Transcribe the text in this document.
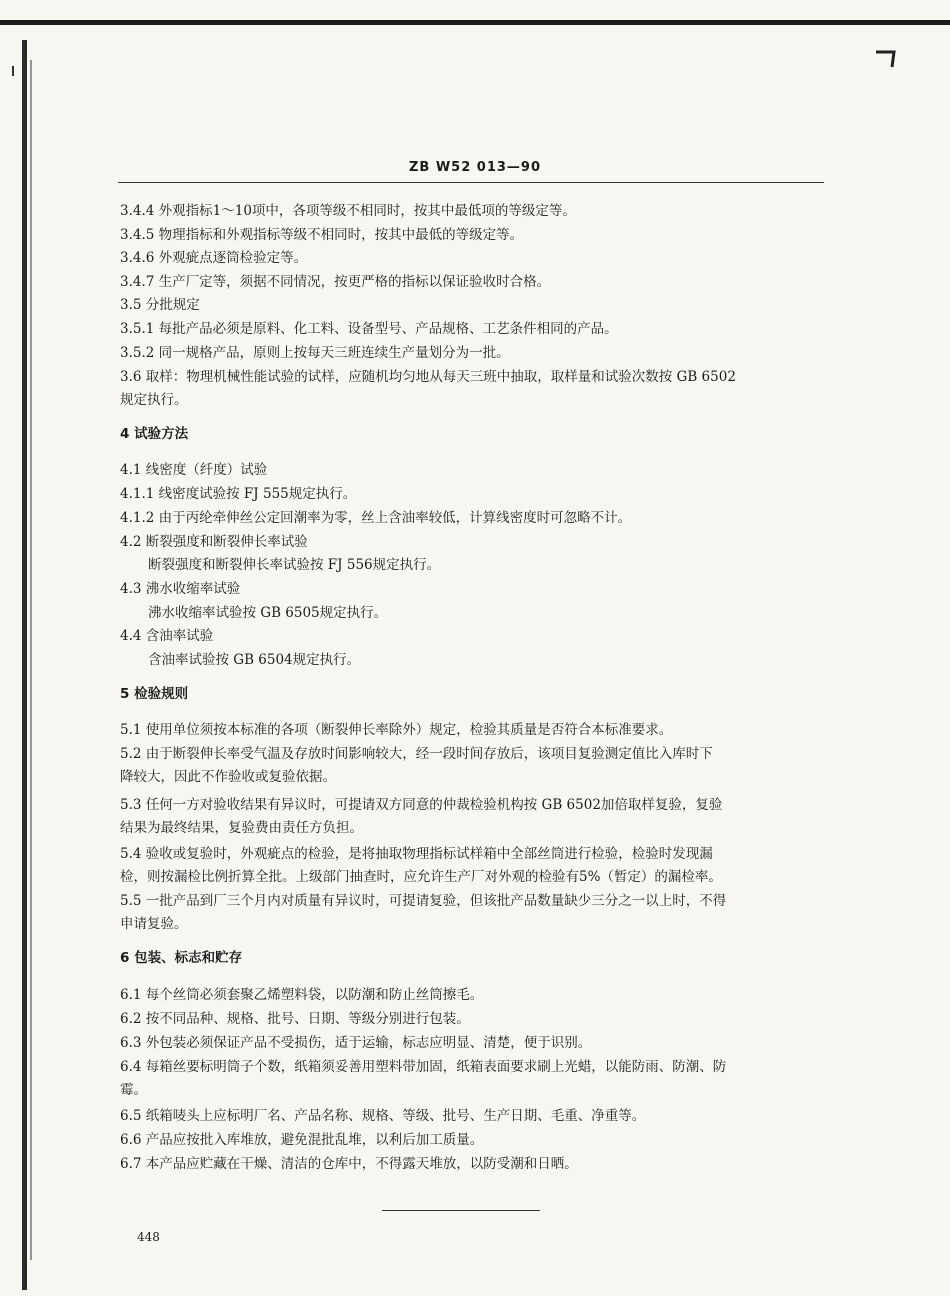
ZB W52 013—90
3.4.4 外观指标1～10项中，各项等级不相同时，按其中最低项的等级定等。
3.4.5 物理指标和外观指标等级不相同时，按其中最低的等级定等。
3.4.6 外观疵点逐筒检验定等。
3.4.7 生产厂定等，须据不同情况，按更严格的指标以保证验收时合格。
3.5 分批规定
3.5.1 每批产品必须是原料、化工料、设备型号、产品规格、工艺条件相同的产品。
3.5.2 同一规格产品，原则上按每天三班连续生产量划分为一批。
3.6 取样：物理机械性能试验的试样，应随机均匀地从每天三班中抽取，取样量和试验次数按 GB 6502
规定执行。
4 试验方法
4.1 线密度（纤度）试验
4.1.1 线密度试验按 FJ 555规定执行。
4.1.2 由于丙纶牵伸丝公定回潮率为零，丝上含油率较低，计算线密度时可忽略不计。
4.2 断裂强度和断裂伸长率试验
断裂强度和断裂伸长率试验按 FJ 556规定执行。
4.3 沸水收缩率试验
沸水收缩率试验按 GB 6505规定执行。
4.4 含油率试验
含油率试验按 GB 6504规定执行。
5 检验规则
5.1 使用单位须按本标准的各项（断裂伸长率除外）规定，检验其质量是否符合本标准要求。
5.2 由于断裂伸长率受气温及存放时间影响较大，经一段时间存放后，该项目复验测定值比入库时下
降较大，因此不作验收或复验依据。
5.3 任何一方对验收结果有异议时，可提请双方同意的仲裁检验机构按 GB 6502加倍取样复验，复验
结果为最终结果，复验费由责任方负担。
5.4 验收或复验时，外观疵点的检验，是将抽取物理指标试样箱中全部丝筒进行检验，检验时发现漏
检，则按漏检比例折算全批。上级部门抽查时，应允许生产厂对外观的检验有5%（暂定）的漏检率。
5.5 一批产品到厂三个月内对质量有异议时，可提请复验，但该批产品数量缺少三分之一以上时，不得
申请复验。
6 包装、标志和贮存
6.1 每个丝筒必须套聚乙烯塑料袋，以防潮和防止丝筒擦毛。
6.2 按不同品种、规格、批号、日期、等级分别进行包装。
6.3 外包装必须保证产品不受损伤，适于运输，标志应明显、清楚，便于识别。
6.4 每箱丝要标明筒子个数，纸箱须妥善用塑料带加固，纸箱表面要求刷上光蜡，以能防雨、防潮、防
霉。
6.5 纸箱唛头上应标明厂名、产品名称、规格、等级、批号、生产日期、毛重、净重等。
6.6 产品应按批入库堆放，避免混批乱堆，以利后加工质量。
6.7 本产品应贮藏在干燥、清洁的仓库中，不得露天堆放，以防受潮和日晒。
448
